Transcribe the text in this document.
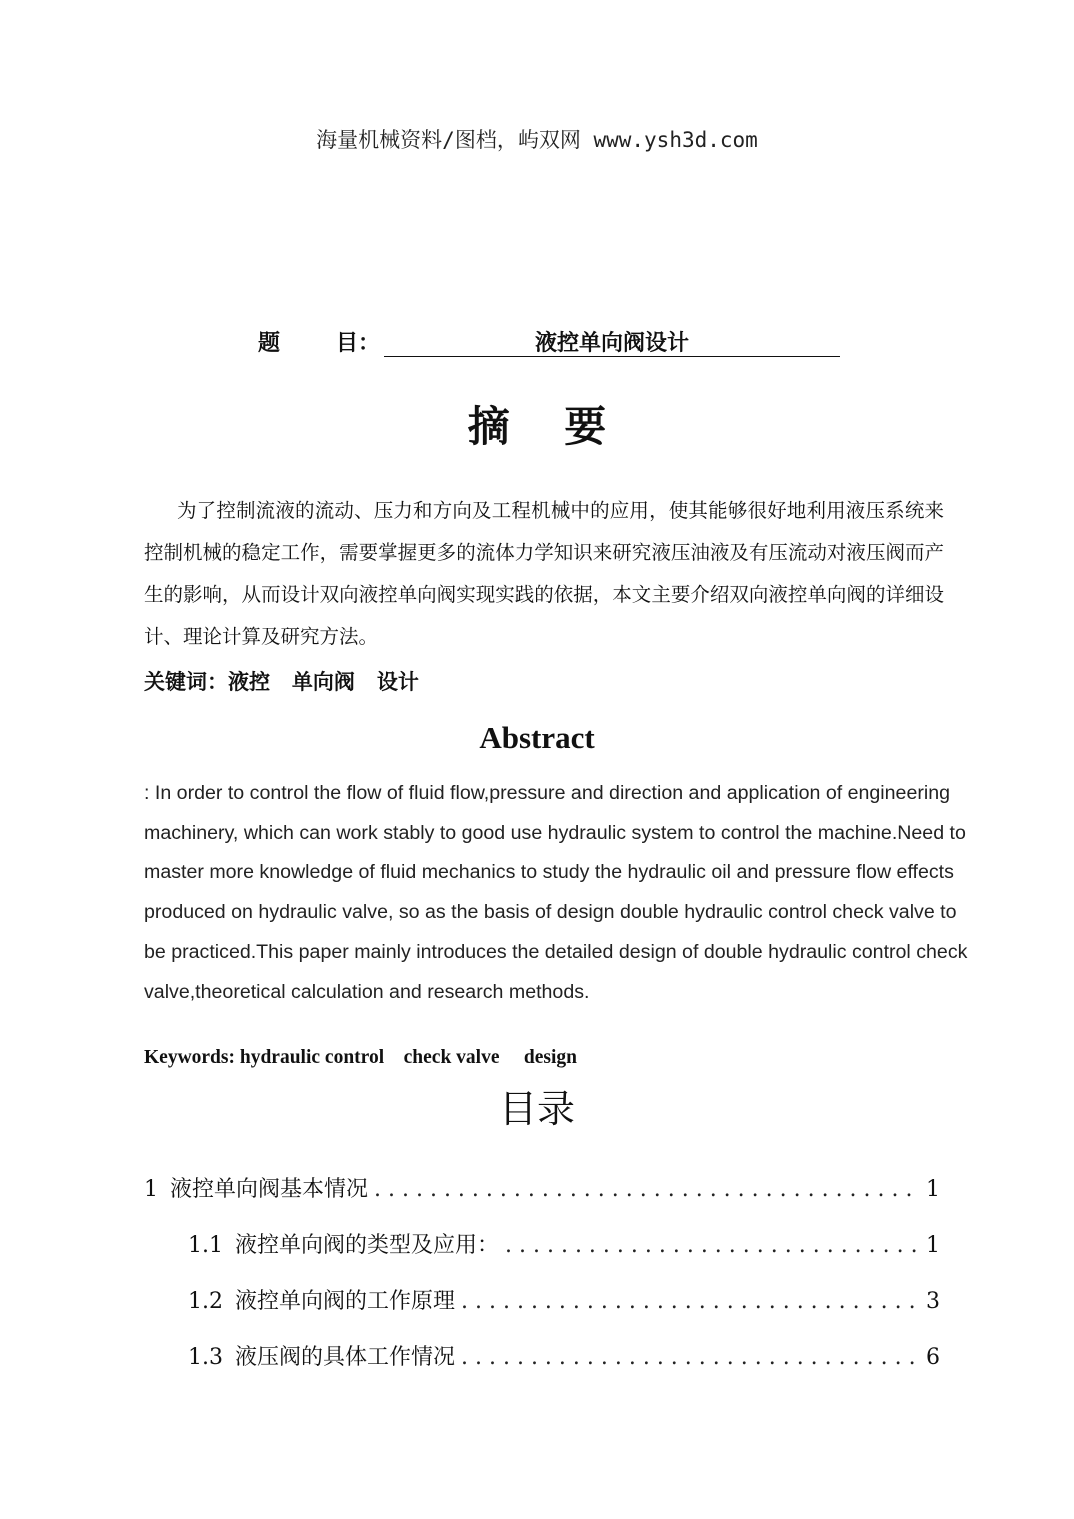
海量机械资料/图档，屿双网 www.ysh3d.com
题	目：	液控单向阀设计
摘 要
为了控制流液的流动、压力和方向及工程机械中的应用，使其能够很好地利用液压系统来控制机械的稳定工作，需要掌握更多的流体力学知识来研究液压油液及有压流动对液压阀而产生的影响，从而设计双向液控单向阀实现实践的依据，本文主要介绍双向液控单向阀的详细设计、理论计算及研究方法。
关键词：液控   单向阀   设计
Abstract
: In order to control the flow of fluid flow,pressure and direction and application of engineering machinery, which can work stably to good use hydraulic system to control the machine.Need to master more knowledge of fluid mechanics to study the hydraulic oil and pressure flow effects produced on hydraulic valve, so as the basis of design double hydraulic control check valve to be practiced.This paper mainly introduces the detailed design of double hydraulic control check valve,theoretical calculation and research methods.
Keywords: hydraulic control    check valve     design
目录
1 液控单向阀基本情况 . . .	1
1.1 液控单向阀的类型及应用： . . .	1
1.2 液控单向阀的工作原理 . . .	3
1.3 液压阀的具体工作情况 . . .	6
